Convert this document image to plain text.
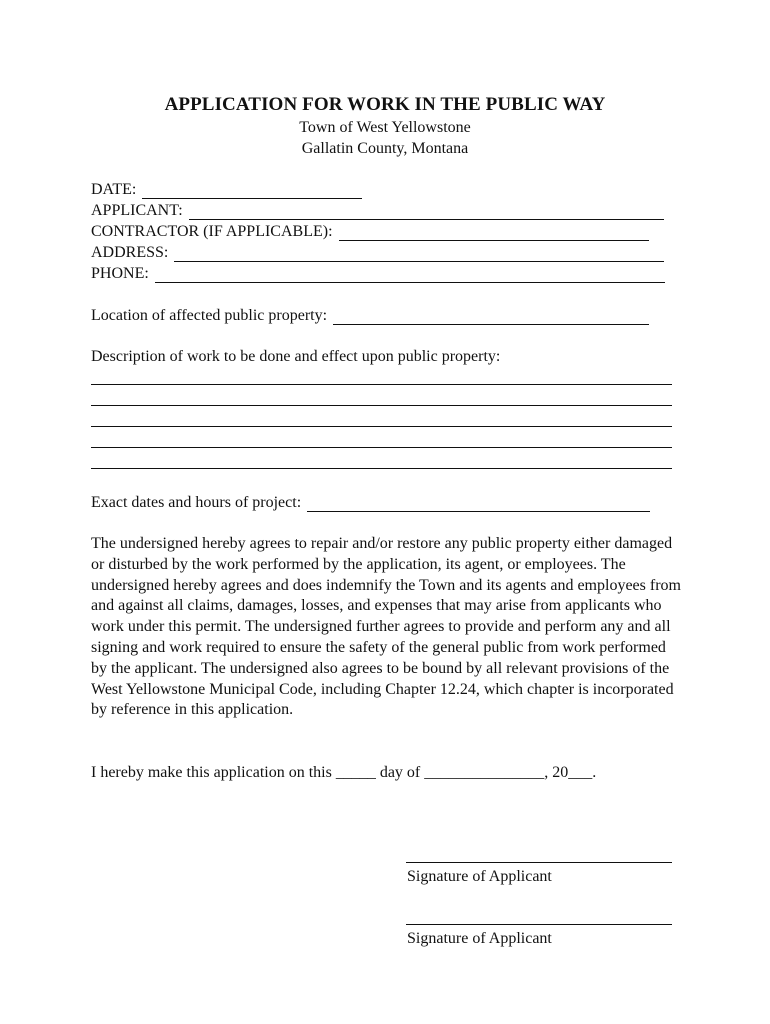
APPLICATION FOR WORK IN THE PUBLIC WAY
Town of West Yellowstone
Gallatin County, Montana
DATE:
APPLICANT:
CONTRACTOR (IF APPLICABLE):
ADDRESS:
PHONE:
Location of affected public property:
Description of work to be done and effect upon public property:
Exact dates and hours of project:
The undersigned hereby agrees to repair and/or restore any public property either damaged or disturbed by the work performed by the application, its agent, or employees. The undersigned hereby agrees and does indemnify the Town and its agents and employees from and against all claims, damages, losses, and expenses that may arise from applicants who work under this permit. The undersigned further agrees to provide and perform any and all signing and work required to ensure the safety of the general public from work performed by the applicant. The undersigned also agrees to be bound by all relevant provisions of the West Yellowstone Municipal Code, including Chapter 12.24, which chapter is incorporated by reference in this application.
I hereby make this application on this _____ day of _______________, 20___.
Signature of Applicant
Signature of Applicant
